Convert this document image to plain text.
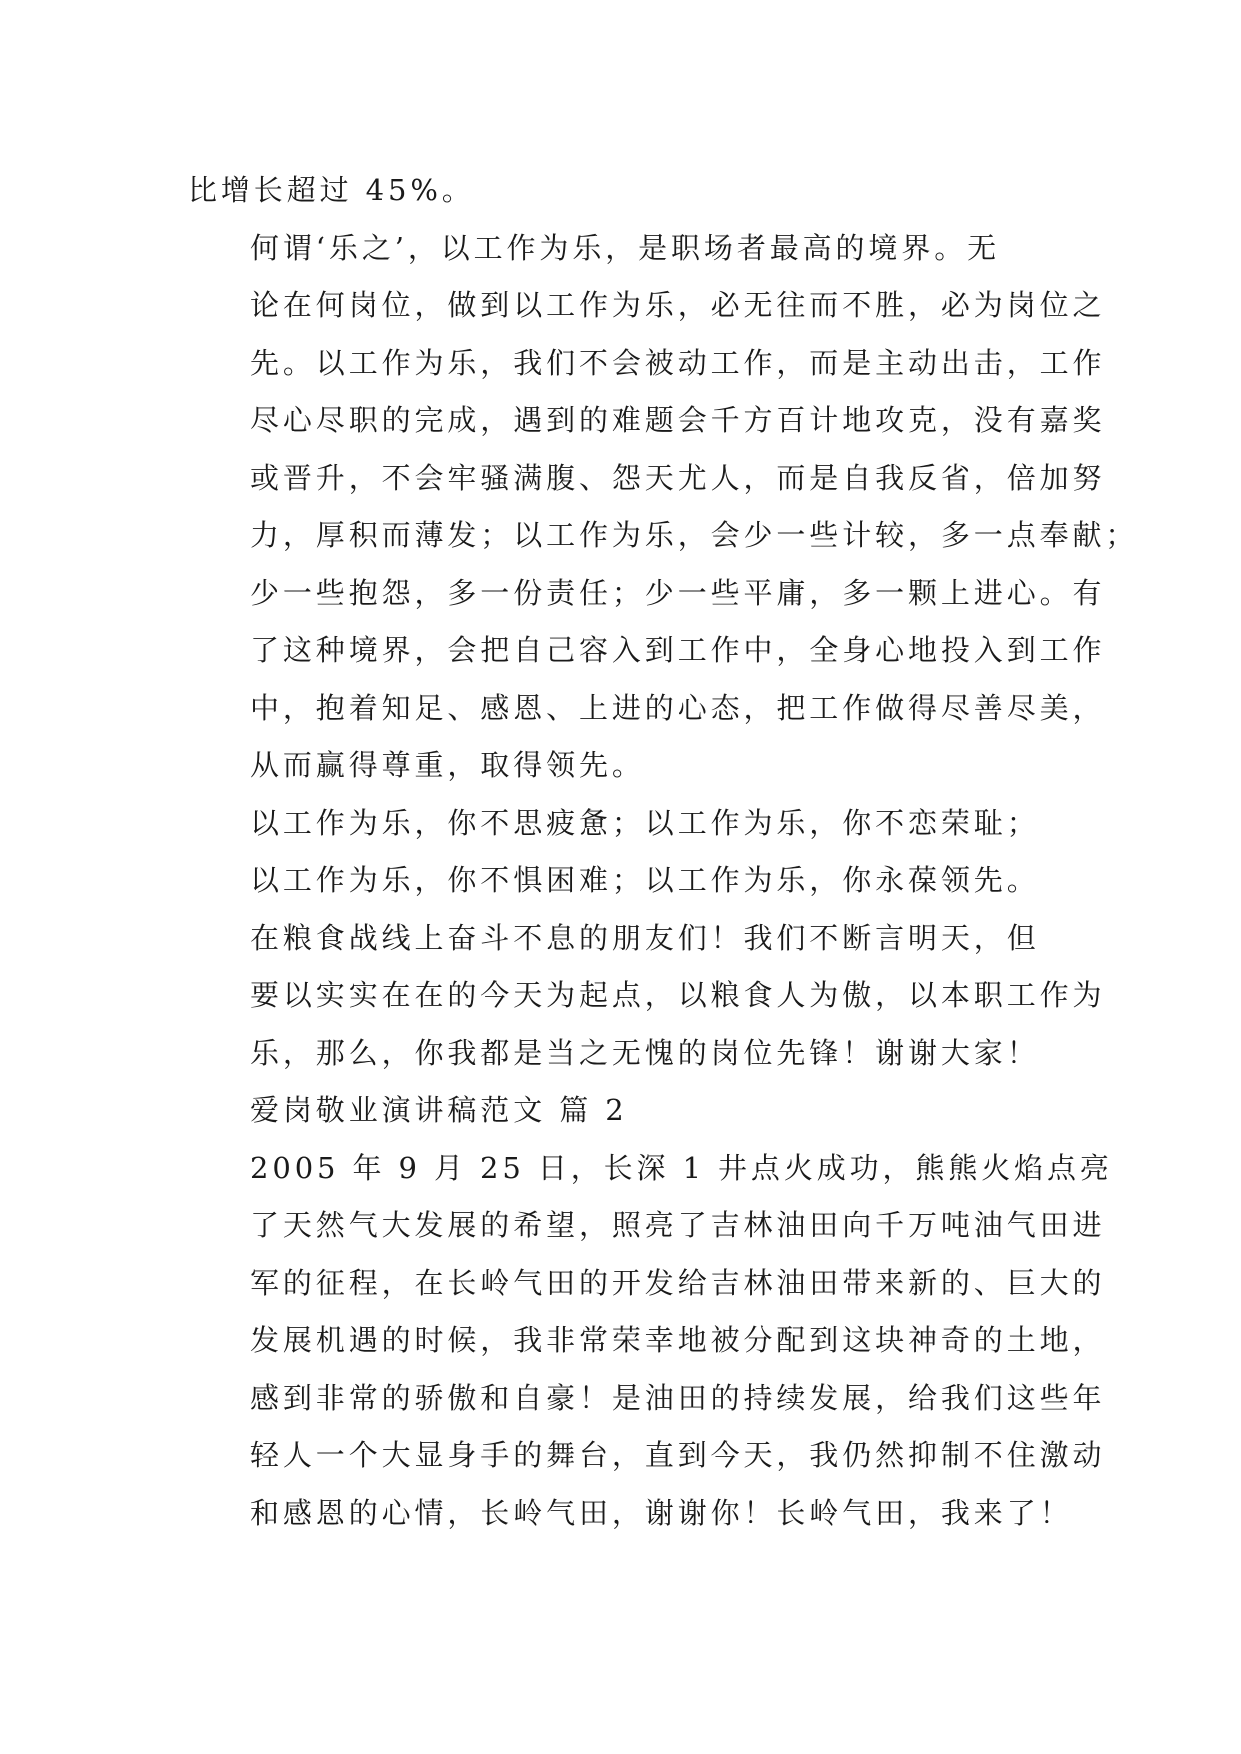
比增长超过 45%。
何谓‘乐之’，以工作为乐，是职场者最高的境界。无
论在何岗位，做到以工作为乐，必无往而不胜，必为岗位之
先。以工作为乐，我们不会被动工作，而是主动出击，工作
尽心尽职的完成，遇到的难题会千方百计地攻克，没有嘉奖
或晋升，不会牢骚满腹、怨天尤人，而是自我反省，倍加努
力，厚积而薄发；以工作为乐，会少一些计较，多一点奉献；
少一些抱怨，多一份责任；少一些平庸，多一颗上进心。有
了这种境界，会把自己容入到工作中，全身心地投入到工作
中，抱着知足、感恩、上进的心态，把工作做得尽善尽美，
从而赢得尊重，取得领先。
以工作为乐，你不思疲惫；以工作为乐，你不恋荣耻；
以工作为乐，你不惧困难；以工作为乐，你永葆领先。
在粮食战线上奋斗不息的朋友们！我们不断言明天，但
要以实实在在的今天为起点，以粮食人为傲，以本职工作为
乐，那么，你我都是当之无愧的岗位先锋！谢谢大家！
爱岗敬业演讲稿范文 篇 2
2005 年 9 月 25 日，长深 1 井点火成功，熊熊火焰点亮
了天然气大发展的希望，照亮了吉林油田向千万吨油气田进
军的征程，在长岭气田的开发给吉林油田带来新的、巨大的
发展机遇的时候，我非常荣幸地被分配到这块神奇的土地，
感到非常的骄傲和自豪！是油田的持续发展，给我们这些年
轻人一个大显身手的舞台，直到今天，我仍然抑制不住激动
和感恩的心情，长岭气田，谢谢你！长岭气田，我来了！
